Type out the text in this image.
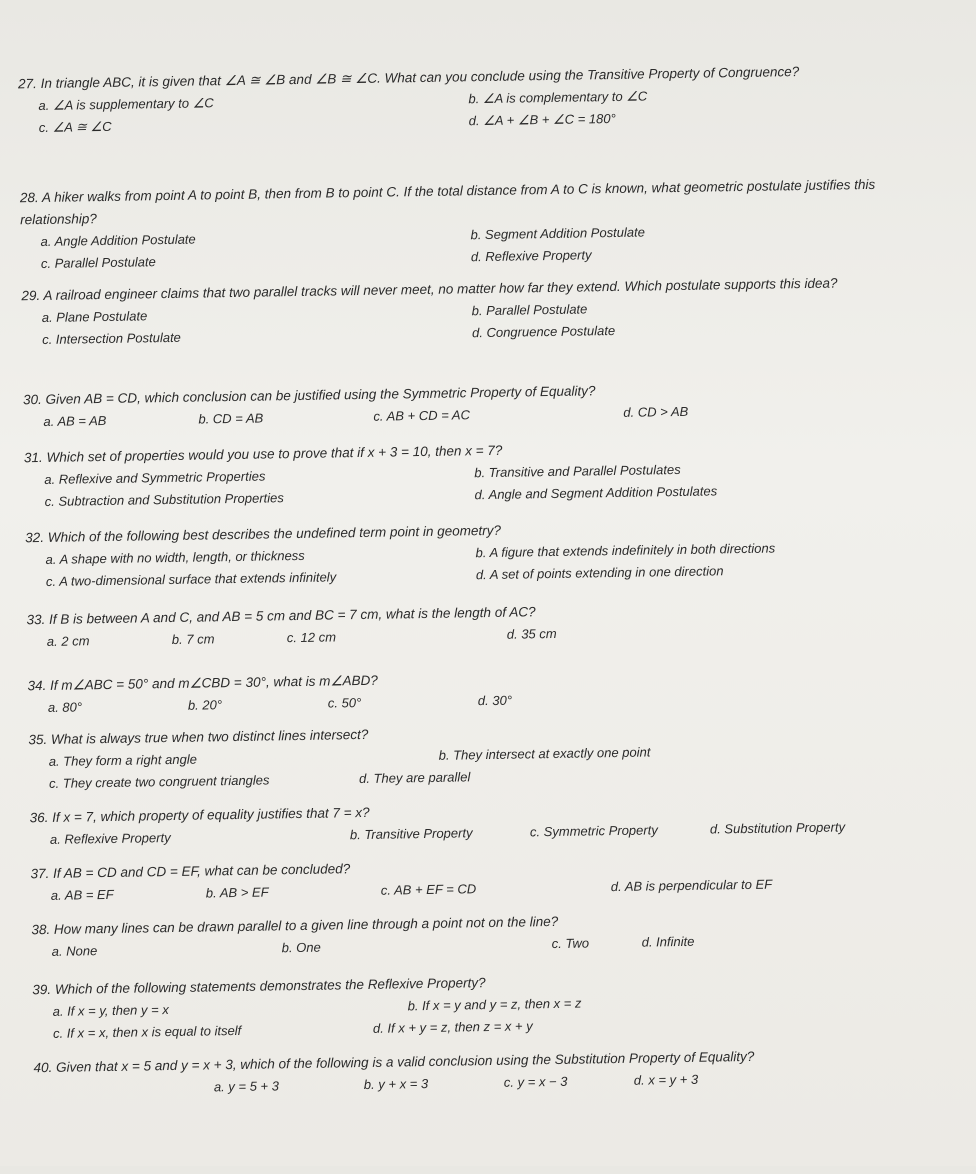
27. In triangle ABC, it is given that ∠A ≅ ∠B and ∠B ≅ ∠C. What can you conclude using the Transitive Property of Congruence?
a. ∠A is supplementary to ∠C	b. ∠A is complementary to ∠C
c. ∠A ≅ ∠C	d. ∠A + ∠B + ∠C = 180°
28. A hiker walks from point A to point B, then from B to point C. If the total distance from A to C is known, what geometric postulate justifies this relationship?
a. Angle Addition Postulate	b. Segment Addition Postulate
c. Parallel Postulate	d. Reflexive Property
29. A railroad engineer claims that two parallel tracks will never meet, no matter how far they extend. Which postulate supports this idea?
a. Plane Postulate	b. Parallel Postulate
c. Intersection Postulate	d. Congruence Postulate
30. Given AB = CD, which conclusion can be justified using the Symmetric Property of Equality?
a. AB = AB	b. CD = AB	c. AB + CD = AC	d. CD > AB
31. Which set of properties would you use to prove that if x + 3 = 10, then x = 7?
a. Reflexive and Symmetric Properties	b. Transitive and Parallel Postulates
c. Subtraction and Substitution Properties	d. Angle and Segment Addition Postulates
32. Which of the following best describes the undefined term point in geometry?
a. A shape with no width, length, or thickness	b. A figure that extends indefinitely in both directions
c. A two-dimensional surface that extends infinitely	d. A set of points extending in one direction
33. If B is between A and C, and AB = 5 cm and BC = 7 cm, what is the length of AC?
a. 2 cm	b. 7 cm	c. 12 cm	d. 35 cm
34. If m∠ABC = 50° and m∠CBD = 30°, what is m∠ABD?
a. 80°	b. 20°	c. 50°	d. 30°
35. What is always true when two distinct lines intersect?
a. They form a right angle	b. They intersect at exactly one point
c. They create two congruent triangles	d. They are parallel
36. If x = 7, which property of equality justifies that 7 = x?
a. Reflexive Property	b. Transitive Property	c. Symmetric Property	d. Substitution Property
37. If AB = CD and CD = EF, what can be concluded?
a. AB = EF	b. AB > EF	c. AB + EF = CD	d. AB is perpendicular to EF
38. How many lines can be drawn parallel to a given line through a point not on the line?
a. None	b. One	c. Two	d. Infinite
39. Which of the following statements demonstrates the Reflexive Property?
a. If x = y, then y = x	b. If x = y and y = z, then x = z
c. If x = x, then x is equal to itself	d. If x + y = z, then z = x + y
40. Given that x = 5 and y = x + 3, which of the following is a valid conclusion using the Substitution Property of Equality?
a. y = 5 + 3	b. y + x = 3	c. y = x − 3	d. x = y + 3
